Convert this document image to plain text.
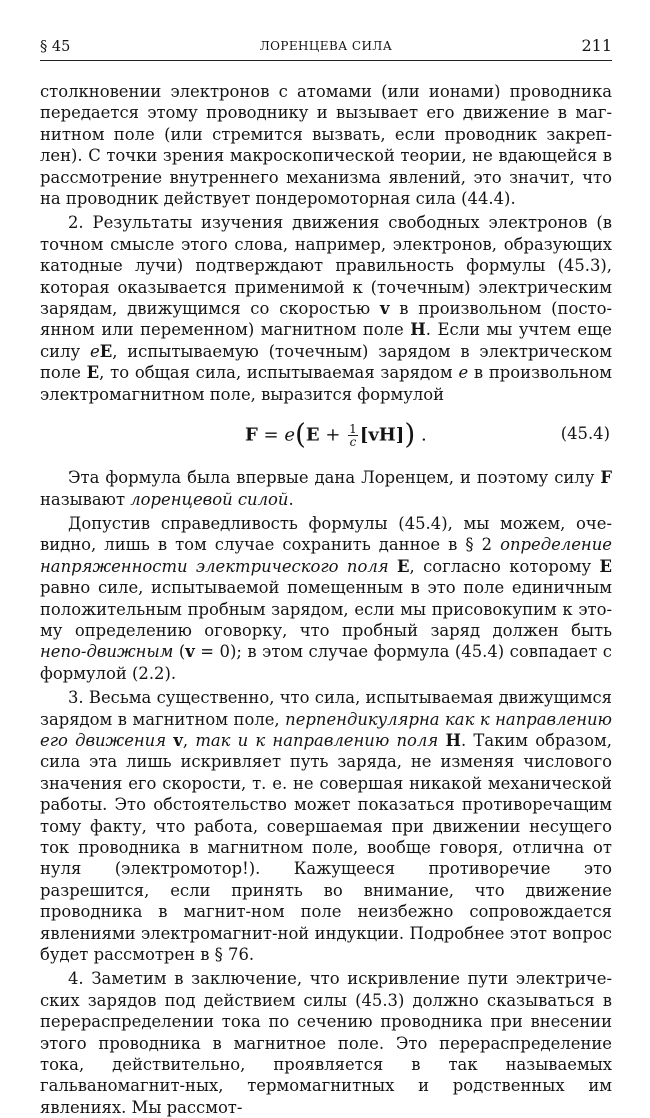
§ 45	ЛОРЕНЦЕВА СИЛА	211

столкновении электронов с атомами (или ионами) проводника передается этому проводнику и вызывает его движение в маг-нитном поле (или стремится вызвать, если проводник закреп-лен). С точки зрения макроскопической теории, не вдающейся в рассмотрение внутреннего механизма явлений, это значит, что на проводник действует пондеромоторная сила (44.4).

2. Результаты изучения движения свободных электронов (в точном смысле этого слова, например, электронов, образующих катодные лучи) подтверждают правильность формулы (45.3), которая оказывается применимой к (точечным) электрическим зарядам, движущимся со скоростью v в произвольном (посто-янном или переменном) магнитном поле H. Если мы учтем еще силу eE, испытываемую (точечным) зарядом в электрическом поле E, то общая сила, испытываемая зарядом e в произвольном электромагнитном поле, выразится формулой

$F = e(E + \frac{1}{c} [vH])$ .	(45.4)

Эта формула была впервые дана Лоренцем, и поэтому силу F называют лоренцевой силой.

Допустив справедливость формулы (45.4), мы можем, оче-видно, лишь в том случае сохранить данное в § 2 определение напряженности электрического поля E, согласно которому E равно силе, испытываемой помещенным в это поле единичным положительным пробным зарядом, если мы присовокупим к это-му определению оговорку, что пробный заряд должен быть непо-движным (v = 0); в этом случае формула (45.4) совпадает с формулой (2.2).

3. Весьма существенно, что сила, испытываемая движущимся зарядом в магнитном поле, перпендикулярна как к направлению его движения v, так и к направлению поля H. Таким образом, сила эта лишь искривляет путь заряда, не изменяя числового значения его скорости, т. е. не совершая никакой механической работы. Это обстоятельство может показаться противоречащим тому факту, что работа, совершаемая при движении несущего ток проводника в магнитном поле, вообще говоря, отлична от нуля (электромотор!). Кажущееся противоречие это разрешится, если принять во внимание, что движение проводника в магнит-ном поле неизбежно сопровождается явлениями электромагнит-ной индукции. Подробнее этот вопрос будет рассмотрен в § 76.

4. Заметим в заключение, что искривление пути электриче-ских зарядов под действием силы (45.3) должно сказываться в перераспределении тока по сечению проводника при внесении этого проводника в магнитное поле. Это перераспределение тока, действительно, проявляется в так называемых гальваномагнит-ных, термомагнитных и родственных им явлениях. Мы рассмот-
